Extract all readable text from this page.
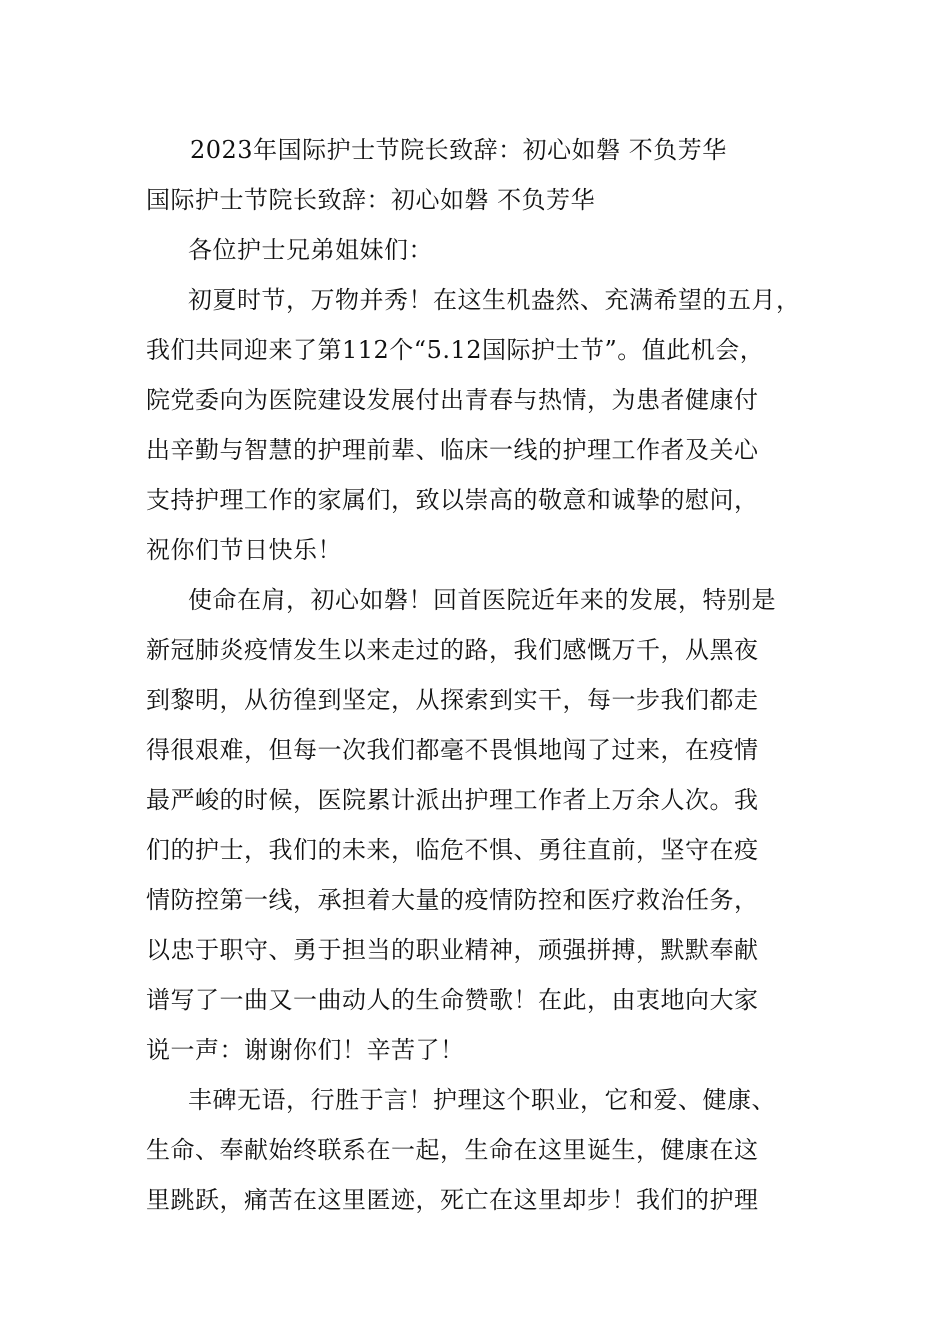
2023年国际护士节院长致辞：初心如磐 不负芳华
国际护士节院长致辞：初心如磐 不负芳华
各位护士兄弟姐妹们：
初夏时节，万物并秀！在这生机盎然、充满希望的五月，
我们共同迎来了第112个“5.12国际护士节”。值此机会，
院党委向为医院建设发展付出青春与热情，为患者健康付
出辛勤与智慧的护理前辈、临床一线的护理工作者及关心
支持护理工作的家属们，致以崇高的敬意和诚挚的慰问，
祝你们节日快乐！
使命在肩，初心如磐！回首医院近年来的发展，特别是
新冠肺炎疫情发生以来走过的路，我们感慨万千，从黑夜
到黎明，从彷徨到坚定，从探索到实干，每一步我们都走
得很艰难，但每一次我们都毫不畏惧地闯了过来，在疫情
最严峻的时候，医院累计派出护理工作者上万余人次。我
们的护士，我们的未来，临危不惧、勇往直前，坚守在疫
情防控第一线，承担着大量的疫情防控和医疗救治任务，
以忠于职守、勇于担当的职业精神，顽强拼搏，默默奉献
谱写了一曲又一曲动人的生命赞歌！在此，由衷地向大家
说一声：谢谢你们！辛苦了！
丰碑无语，行胜于言！护理这个职业，它和爱、健康、
生命、奉献始终联系在一起，生命在这里诞生，健康在这
里跳跃，痛苦在这里匿迹，死亡在这里却步！我们的护理
